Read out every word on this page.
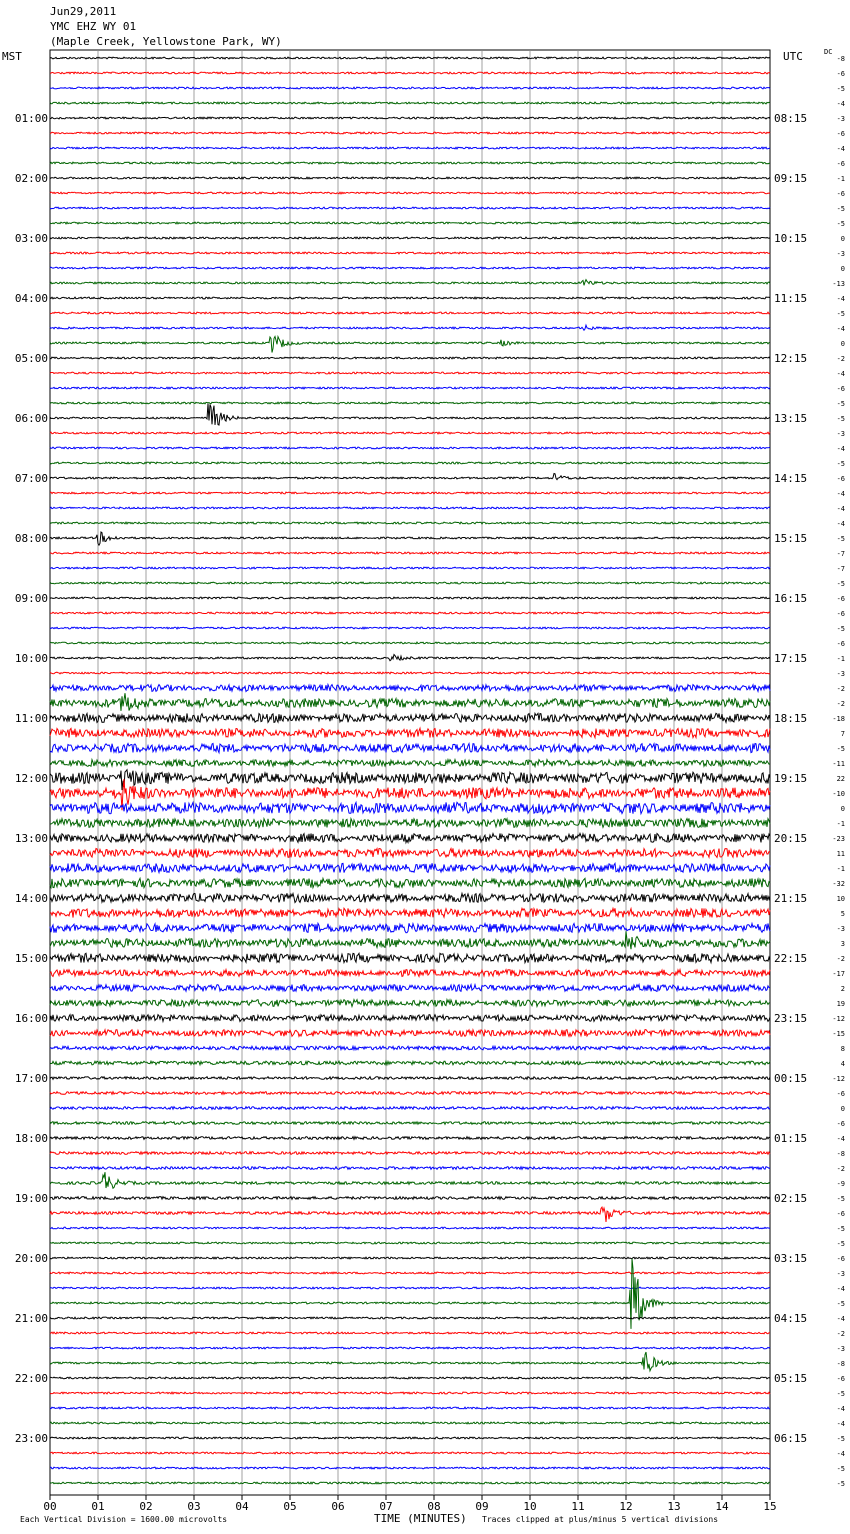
Jun29,2011
YMC EHZ WY 01
(Maple Creek, Yellowstone Park, WY)
MST	UTC	DC
01:00
02:00
03:00
04:00
05:00
06:00
07:00
08:00
09:00
10:00
11:00
12:00
13:00
14:00
15:00
16:00
17:00
18:00
19:00
20:00
21:00
22:00
23:00
08:15
09:15
10:15
11:15
12:15
13:15
14:15
15:15
16:15
17:15
18:15
19:15
20:15
21:15
22:15
23:15
00:15
01:15
02:15
03:15
04:15
05:15
06:15
-8
-6
-5
-4
-3
-6
-4
-6
-1
-6
-5
-5
0
-3
0
-13
-4
-5
-4
0
-2
-4
-6
-5
-5
-3
-4
-5
-6
-4
-4
-4
-5
-7
-7
-5
-6
-6
-5
-6
-1
-3
-2
-2
-18
7
-5
-11
22
-10
0
-1
-23
11
-1
-32
10
5
-3
3
-2
-17
2
19
-12
-15
8
4
-12
-6
0
-6
-4
-8
-2
-9
-5
-6
-5
-5
-6
-3
-4
-5
-4
-2
-3
-8
-6
-5
-4
-4
-5
-4
-5
-5
00	01	02	03	04	05	06	07	08	09	10	11	12	13	14	15
Each Vertical Division = 1600.00 microvolts	TIME (MINUTES) Traces clipped at plus/minus 5 vertical divisions
